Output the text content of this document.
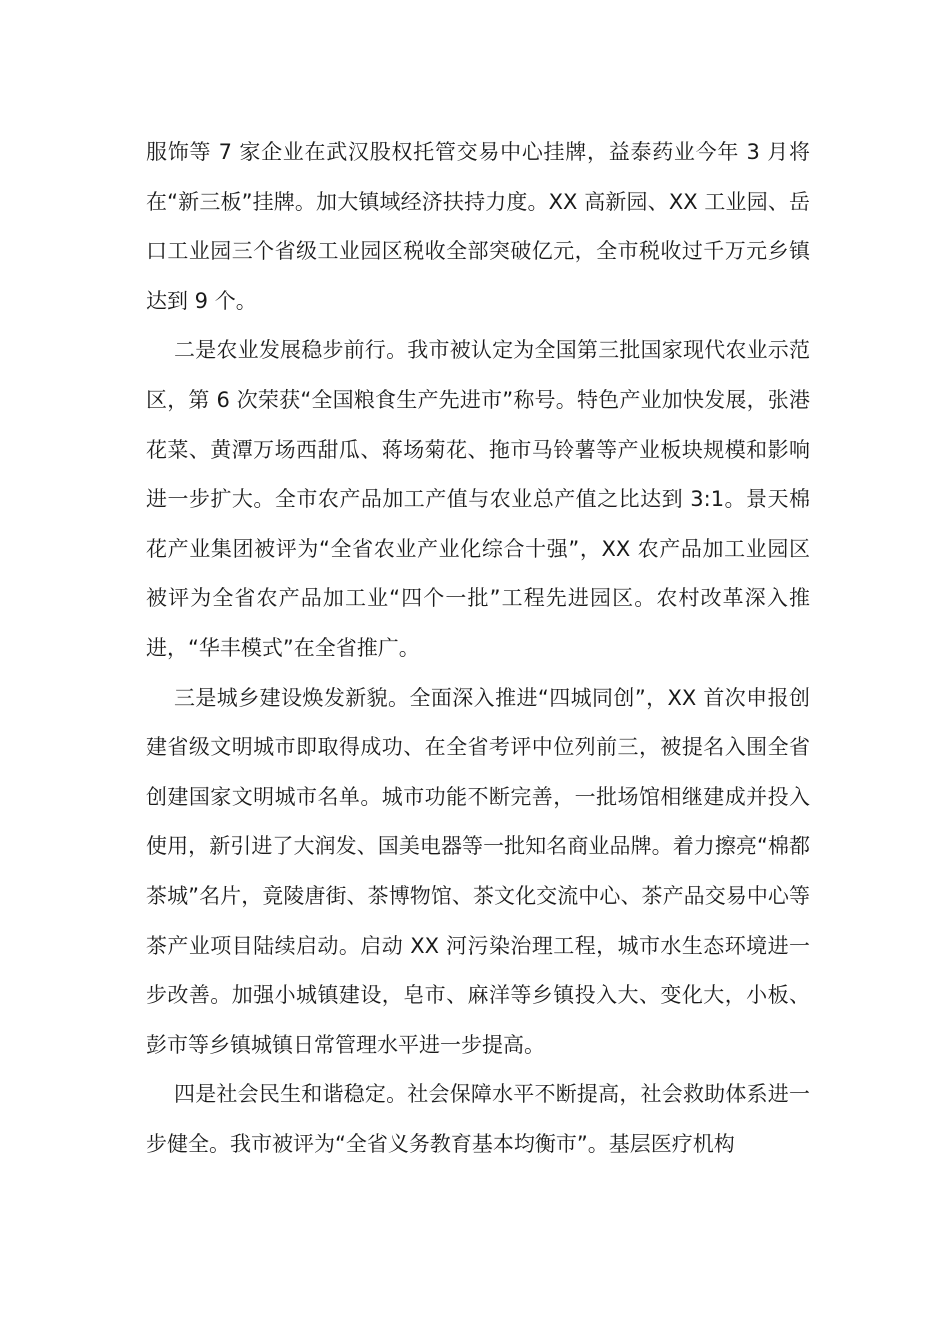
服饰等 7 家企业在武汉股权托管交易中心挂牌，益泰药业今年 3 月将在“新三板”挂牌。加大镇域经济扶持力度。XX 高新园、XX 工业园、岳口工业园三个省级工业园区税收全部突破亿元，全市税收过千万元乡镇达到 9 个。

二是农业发展稳步前行。我市被认定为全国第三批国家现代农业示范区，第 6 次荣获“全国粮食生产先进市”称号。特色产业加快发展，张港花菜、黄潭万场西甜瓜、蒋场菊花、拖市马铃薯等产业板块规模和影响进一步扩大。全市农产品加工产值与农业总产值之比达到 3:1。景天棉花产业集团被评为“全省农业产业化综合十强”，XX 农产品加工业园区被评为全省农产品加工业“四个一批”工程先进园区。农村改革深入推进，“华丰模式”在全省推广。

三是城乡建设焕发新貌。全面深入推进“四城同创”，XX 首次申报创建省级文明城市即取得成功、在全省考评中位列前三，被提名入围全省创建国家文明城市名单。城市功能不断完善，一批场馆相继建成并投入使用，新引进了大润发、国美电器等一批知名商业品牌。着力擦亮“棉都茶城”名片，竟陵唐街、茶博物馆、茶文化交流中心、茶产品交易中心等茶产业项目陆续启动。启动 XX 河污染治理工程，城市水生态环境进一步改善。加强小城镇建设，皂市、麻洋等乡镇投入大、变化大，小板、彭市等乡镇城镇日常管理水平进一步提高。

四是社会民生和谐稳定。社会保障水平不断提高，社会救助体系进一步健全。我市被评为“全省义务教育基本均衡市”。基层医疗机构
